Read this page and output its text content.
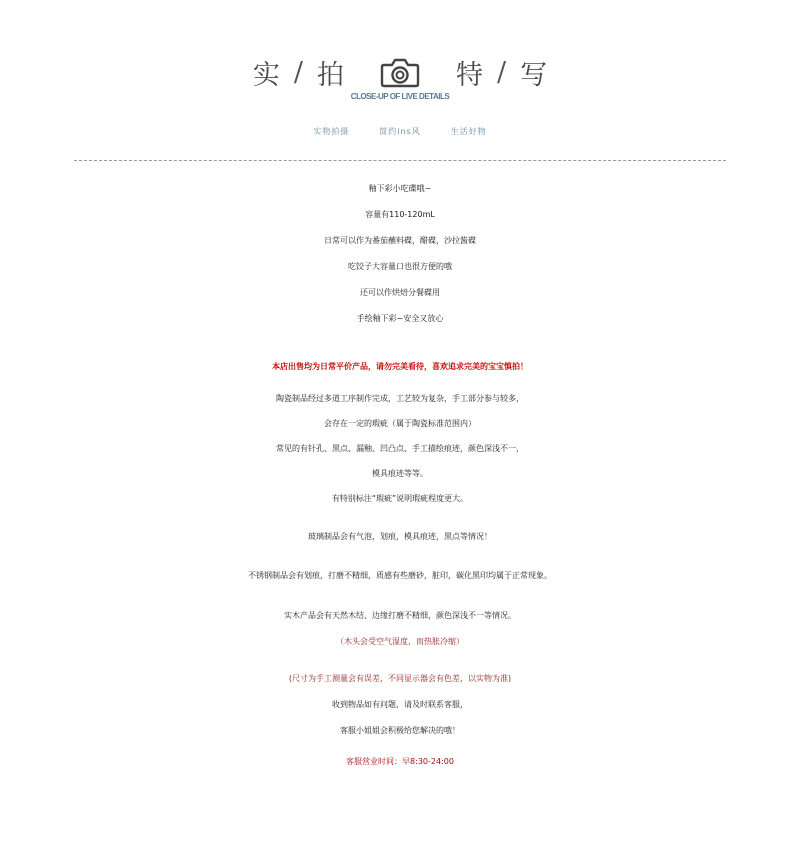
实 / 拍	特 / 写
CLOSE-UP OF LIVE DETAILS
实物拍摄	简约ins风	生活好物
釉下彩小吃碟哦~
容量有110-120mL
日常可以作为番茄蘸料碟，醋碟，沙拉酱碟
吃饺子大容量口也很方便的哦
还可以作烘焙分餐碟用
手绘釉下彩~安全又放心
本店出售均为日常平价产品，请勿完美看待，喜欢追求完美的宝宝慎拍！
陶瓷制品经过多道工序制作完成，工艺较为复杂，手工部分参与较多，
会存在一定的瑕疵（属于陶瓷标准范围内）
常见的有针孔、黑点、漏釉、凹凸点、手工描绘痕迹，颜色深浅不一，
模具痕迹等等。
有特别标注“瑕疵”说明瑕疵程度更大。
玻璃制品会有气泡，划痕，模具痕迹，黑点等情况！
不锈钢制品会有划痕，打磨不精细，质感有些磨砂，脏印，碳化黑印均属于正常现象。
实木产品会有天然木结、边缘打磨不精细，颜色深浅不一等情况。
（木头会受空气湿度，而热胀冷缩）
(尺寸为手工测量会有误差，不同显示器会有色差，以实物为准)
收到物品如有问题，请及时联系客服，
客服小姐姐会积极给您解决的哦！
客服营业时间：早8:30-24:00
